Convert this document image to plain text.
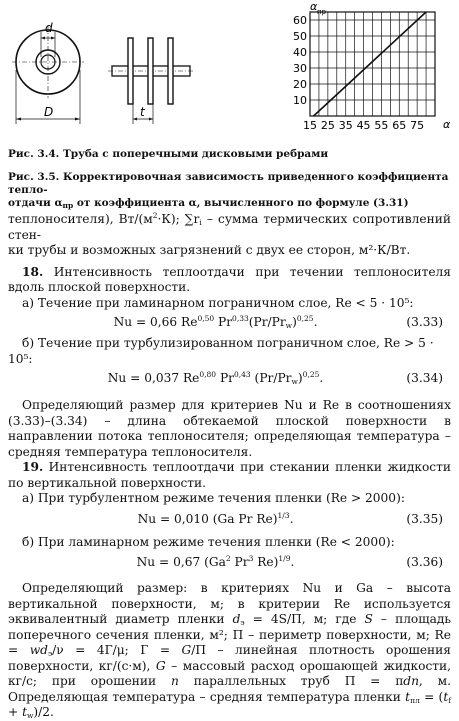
d
D	t
15 25 35 45 55 65 75
10
20
30
40
50
60
α пр
α
Рис. 3.4. Труба с поперечными дисковыми ребрами
Рис. 3.5. Корректировочная зависимость приведенного коэффициента тепло-
отдачи $\alpha_{пр}$ от коэффициента α, вычисленного по формуле (3.31)
теплоносителя), $Вт/(м^2\cdot К)$; $\sum r_i$ – сумма термических сопротивлений стен-
ки трубы и возможных загрязнений с двух ее сторон, м²·К/Вт.
18. Интенсивность теплоотдачи при течении теплоносителя вдоль плоской поверхности.
а) Течение при ламинарном пограничном слое, Re < 5 · 10⁵:
Nu = 0,66 Re$^{0,50}$ $Pr^{0,33}(Pr/Pr_w)^{0,25}$.	(3.33)
б) Течение при турбулизированном пограничном слое, Re > 5 · 10⁵:
Nu = 0,037 Re$^{0,80}$ Pr$^{0,43}$ $(Pr/Pr_w)^{0,25}$.	(3.34)
Определяющий размер для критериев Nu и Re в соотношениях (3.33)–(3.34) – длина обтекаемой плоской поверхности в направлении потока теплоносителя; определяющая температура – средняя температура теплоносителя.
19. Интенсивность теплоотдачи при стекании пленки жидкости по вертикальной поверхности.
а) При турбулентном режиме течения пленки (Re > 2000):
Nu = 0,010 (Ga Pr Re)$^{1/3}$.	(3.35)
б) При ламинарном режиме течения пленки (Re < 2000):
Nu = 0,67 (Ga$^2$ Pr$^3$ Re)$^{1/9}$.	(3.36)
Определяющий размер: в критериях Nu и Ga – высота вертикальной поверхности, м; в критерии Re используется эквивалентный диаметр пленки $d_э = 4S/П$, м; где S – площадь поперечного сечения пленки, м²; П – периметр поверхности, м; $Re = wd_э/\nu = 4Г/\mu$; Г = G/П – линейная плотность орошения поверхности, кг/(с·м), G – массовый расход орошающей жидкости, кг/с; при орошении n параллельных труб П = πdn, м. Определяющая температура – средняя температура пленки $t_{пл} = (t_f + t_w)/2$.
